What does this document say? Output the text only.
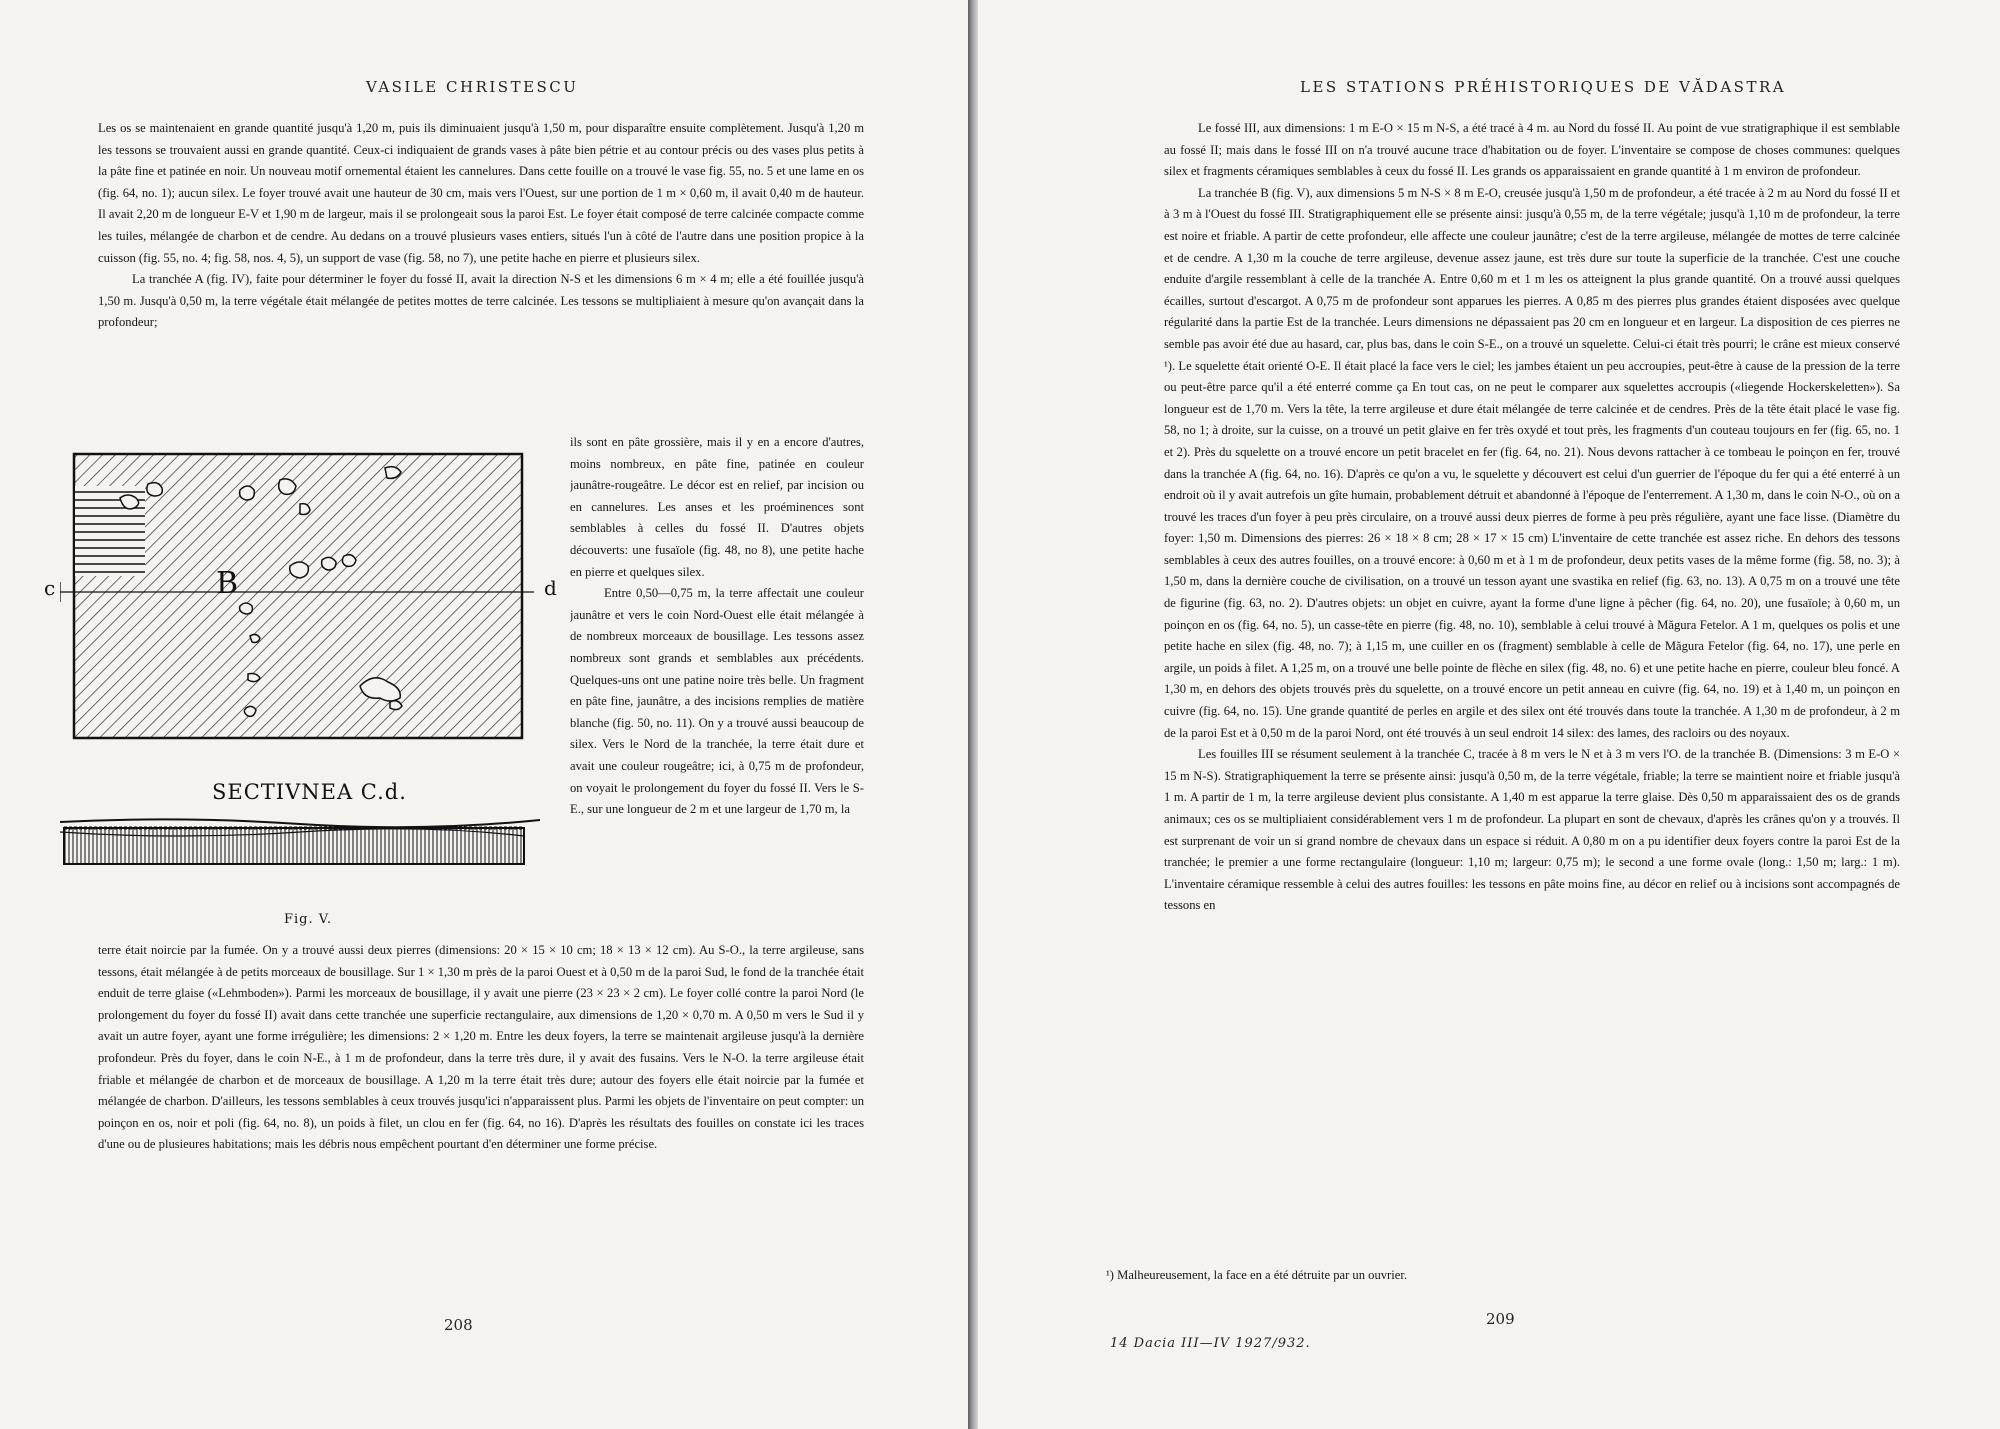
VASILE CHRISTESCU

Les os se maintenaient en grande quantité jusqu'à 1,20 m, puis ils diminuaient jusqu'à 1,50 m, pour disparaître ensuite complètement. Jusqu'à 1,20 m les tessons se trouvaient aussi en grande quantité. Ceux-ci indiquaient de grands vases à pâte bien pétrie et au contour précis ou des vases plus petits à la pâte fine et patinée en noir. Un nouveau motif ornemental étaient les cannelures. Dans cette fouille on a trouvé le vase fig. 55, no. 5 et une lame en os (fig. 64, no. 1); aucun silex. Le foyer trouvé avait une hauteur de 30 cm, mais vers l'Ouest, sur une portion de 1 m × 0,60 m, il avait 0,40 m de hauteur. Il avait 2,20 m de longueur E-V et 1,90 m de largeur, mais il se prolongeait sous la paroi Est. Le foyer était composé de terre calcinée compacte comme les tuiles, mélangée de charbon et de cendre. Au dedans on a trouvé plusieurs vases entiers, situés l'un à côté de l'autre dans une position propice à la cuisson (fig. 55, no. 4; fig. 58, nos. 4, 5), un support de vase (fig. 58, no 7), une petite hache en pierre et plusieurs silex.

La tranchée A (fig. IV), faite pour déterminer le foyer du fossé II, avait la direction N-S et les dimensions 6 m × 4 m; elle a été fouillée jusqu'à 1,50 m. Jusqu'à 0,50 m, la terre végétale était mélangée de petites mottes de terre calcinée. Les tessons se multipliaient à mesure qu'on avançait dans la profondeur;

ils sont en pâte grossière, mais il y en a encore d'autres, moins nombreux, en pâte fine, patinée en couleur jaunâtre-rougeâtre. Le décor est en relief, par incision ou en cannelures. Les anses et les proéminences sont semblables à celles du fossé II. D'autres objets découverts: une fusaïole (fig. 48, no 8), une petite hache en pierre et quelques silex.

Entre 0,50—0,75 m, la terre affectait une couleur jaunâtre et vers le coin Nord-Ouest elle était mélangée à de nombreux morceaux de bousillage. Les tessons assez nombreux sont grands et semblables aux précédents. Quelques-uns ont une patine noire très belle. Un fragment en pâte fine, jaunâtre, a des incisions remplies de matière blanche (fig. 50, no. 11). On y a trouvé aussi beaucoup de silex. Vers le Nord de la tranchée, la terre était dure et avait une couleur rougeâtre; ici, à 0,75 m de profondeur, on voyait le prolongement du foyer du fossé II. Vers le S-E., sur une longueur de 2 m et une largeur de 1,70 m, la

B
c	d
SECTIVNEA C.d.
Fig. V.

terre était noircie par la fumée. On y a trouvé aussi deux pierres (dimensions: 20 × 15 × 10 cm; 18 × 13 × 12 cm). Au S-O., la terre argileuse, sans tessons, était mélangée à de petits morceaux de bousillage. Sur 1 × 1,30 m près de la paroi Ouest et à 0,50 m de la paroi Sud, le fond de la tranchée était enduit de terre glaise («Lehmboden»). Parmi les morceaux de bousillage, il y avait une pierre (23 × 23 × 2 cm). Le foyer collé contre la paroi Nord (le prolongement du foyer du fossé II) avait dans cette tranchée une superficie rectangulaire, aux dimensions de 1,20 × 0,70 m. A 0,50 m vers le Sud il y avait un autre foyer, ayant une forme irrégulière; les dimensions: 2 × 1,20 m. Entre les deux foyers, la terre se maintenait argileuse jusqu'à la dernière profondeur. Près du foyer, dans le coin N-E., à 1 m de profondeur, dans la terre très dure, il y avait des fusains. Vers le N-O. la terre argileuse était friable et mélangée de charbon et de morceaux de bousillage. A 1,20 m la terre était très dure; autour des foyers elle était noircie par la fumée et mélangée de charbon. D'ailleurs, les tessons semblables à ceux trouvés jusqu'ici n'apparaissent plus. Parmi les objets de l'inventaire on peut compter: un poinçon en os, noir et poli (fig. 64, no. 8), un poids à filet, un clou en fer (fig. 64, no 16). D'après les résultats des fouilles on constate ici les traces d'une ou de plusieures habitations; mais les débris nous empêchent pourtant d'en déterminer une forme précise.

208
LES STATIONS PRÉHISTORIQUES DE VĂDASTRA

Le fossé III, aux dimensions: 1 m E-O × 15 m N-S, a été tracé à 4 m. au Nord du fossé II. Au point de vue stratigraphique il est semblable au fossé II; mais dans le fossé III on n'a trouvé aucune trace d'habitation ou de foyer. L'inventaire se compose de choses communes: quelques silex et fragments céramiques semblables à ceux du fossé II. Les grands os apparaissaient en grande quantité à 1 m environ de profondeur.

La tranchée B (fig. V), aux dimensions 5 m N-S × 8 m E-O, creusée jusqu'à 1,50 m de profondeur, a été tracée à 2 m au Nord du fossé II et à 3 m à l'Ouest du fossé III. Stratigraphiquement elle se présente ainsi: jusqu'à 0,55 m, de la terre végétale; jusqu'à 1,10 m de profondeur, la terre est noire et friable. A partir de cette profondeur, elle affecte une couleur jaunâtre; c'est de la terre argileuse, mélangée de mottes de terre calcinée et de cendre. A 1,30 m la couche de terre argileuse, devenue assez jaune, est très dure sur toute la superficie de la tranchée. C'est une couche enduite d'argile ressemblant à celle de la tranchée A. Entre 0,60 m et 1 m les os atteignent la plus grande quantité. On a trouvé aussi quelques écailles, surtout d'escargot. A 0,75 m de profondeur sont apparues les pierres. A 0,85 m des pierres plus grandes étaient disposées avec quelque régularité dans la partie Est de la tranchée. Leurs dimensions ne dépassaient pas 20 cm en longueur et en largeur. La disposition de ces pierres ne semble pas avoir été due au hasard, car, plus bas, dans le coin S-E., on a trouvé un squelette. Celui-ci était très pourri; le crâne est mieux conservé ¹). Le squelette était orienté O-E. Il était placé la face vers le ciel; les jambes étaient un peu accroupies, peut-être à cause de la pression de la terre ou peut-être parce qu'il a été enterré comme ça En tout cas, on ne peut le comparer aux squelettes accroupis («liegende Hockerskeletten»). Sa longueur est de 1,70 m. Vers la tête, la terre argileuse et dure était mélangée de terre calcinée et de cendres. Près de la tête était placé le vase fig. 58, no 1; à droite, sur la cuisse, on a trouvé un petit glaive en fer très oxydé et tout près, les fragments d'un couteau toujours en fer (fig. 65, no. 1 et 2). Près du squelette on a trouvé encore un petit bracelet en fer (fig. 64, no. 21). Nous devons rattacher à ce tombeau le poinçon en fer, trouvé dans la tranchée A (fig. 64, no. 16). D'après ce qu'on a vu, le squelette y découvert est celui d'un guerrier de l'époque du fer qui a été enterré à un endroit où il y avait autrefois un gîte humain, probablement détruit et abandonné à l'époque de l'enterrement. A 1,30 m, dans le coin N-O., où on a trouvé les traces d'un foyer à peu près circulaire, on a trouvé aussi deux pierres de forme à peu près régulière, ayant une face lisse. (Diamètre du foyer: 1,50 m. Dimensions des pierres: 26 × 18 × 8 cm; 28 × 17 × 15 cm) L'inventaire de cette tranchée est assez riche. En dehors des tessons semblables à ceux des autres fouilles, on a trouvé encore: à 0,60 m et à 1 m de profondeur, deux petits vases de la même forme (fig. 58, no. 3); à 1,50 m, dans la dernière couche de civilisation, on a trouvé un tesson ayant une svastika en relief (fig. 63, no. 13). A 0,75 m on a trouvé une tête de figurine (fig. 63, no. 2). D'autres objets: un objet en cuivre, ayant la forme d'une ligne à pêcher (fig. 64, no. 20), une fusaïole; à 0,60 m, un poinçon en os (fig. 64, no. 5), un casse-tête en pierre (fig. 48, no. 10), semblable à celui trouvé à Măgura Fetelor. A 1 m, quelques os polis et une petite hache en silex (fig. 48, no. 7); à 1,15 m, une cuiller en os (fragment) semblable à celle de Măgura Fetelor (fig. 64, no. 17), une perle en argile, un poids à filet. A 1,25 m, on a trouvé une belle pointe de flèche en silex (fig. 48, no. 6) et une petite hache en pierre, couleur bleu foncé. A 1,30 m, en dehors des objets trouvés près du squelette, on a trouvé encore un petit anneau en cuivre (fig. 64, no. 19) et à 1,40 m, un poinçon en cuivre (fig. 64, no. 15). Une grande quantité de perles en argile et des silex ont été trouvés dans toute la tranchée. A 1,30 m de profondeur, à 2 m de la paroi Est et à 0,50 m de la paroi Nord, ont été trouvés à un seul endroit 14 silex: des lames, des racloirs ou des noyaux.

Les fouilles III se résument seulement à la tranchée C, tracée à 8 m vers le N et à 3 m vers l'O. de la tranchée B. (Dimensions: 3 m E-O × 15 m N-S). Stratigraphiquement la terre se présente ainsi: jusqu'à 0,50 m, de la terre végétale, friable; la terre se maintient noire et friable jusqu'à 1 m. A partir de 1 m, la terre argileuse devient plus consistante. A 1,40 m est apparue la terre glaise. Dès 0,50 m apparaissaient des os de grands animaux; ces os se multipliaient considérablement vers 1 m de profondeur. La plupart en sont de chevaux, d'après les crânes qu'on y a trouvés. Il est surprenant de voir un si grand nombre de chevaux dans un espace si réduit. A 0,80 m on a pu identifier deux foyers contre la paroi Est de la tranchée; le premier a une forme rectangulaire (longueur: 1,10 m; largeur: 0,75 m); le second a une forme ovale (long.: 1,50 m; larg.: 1 m). L'inventaire céramique ressemble à celui des autres fouilles: les tessons en pâte moins fine, au décor en relief ou à incisions sont accompagnés de tessons en

¹) Malheureusement, la face en a été détruite par un ouvrier.
209
14 Dacia III—IV 1927/932.
